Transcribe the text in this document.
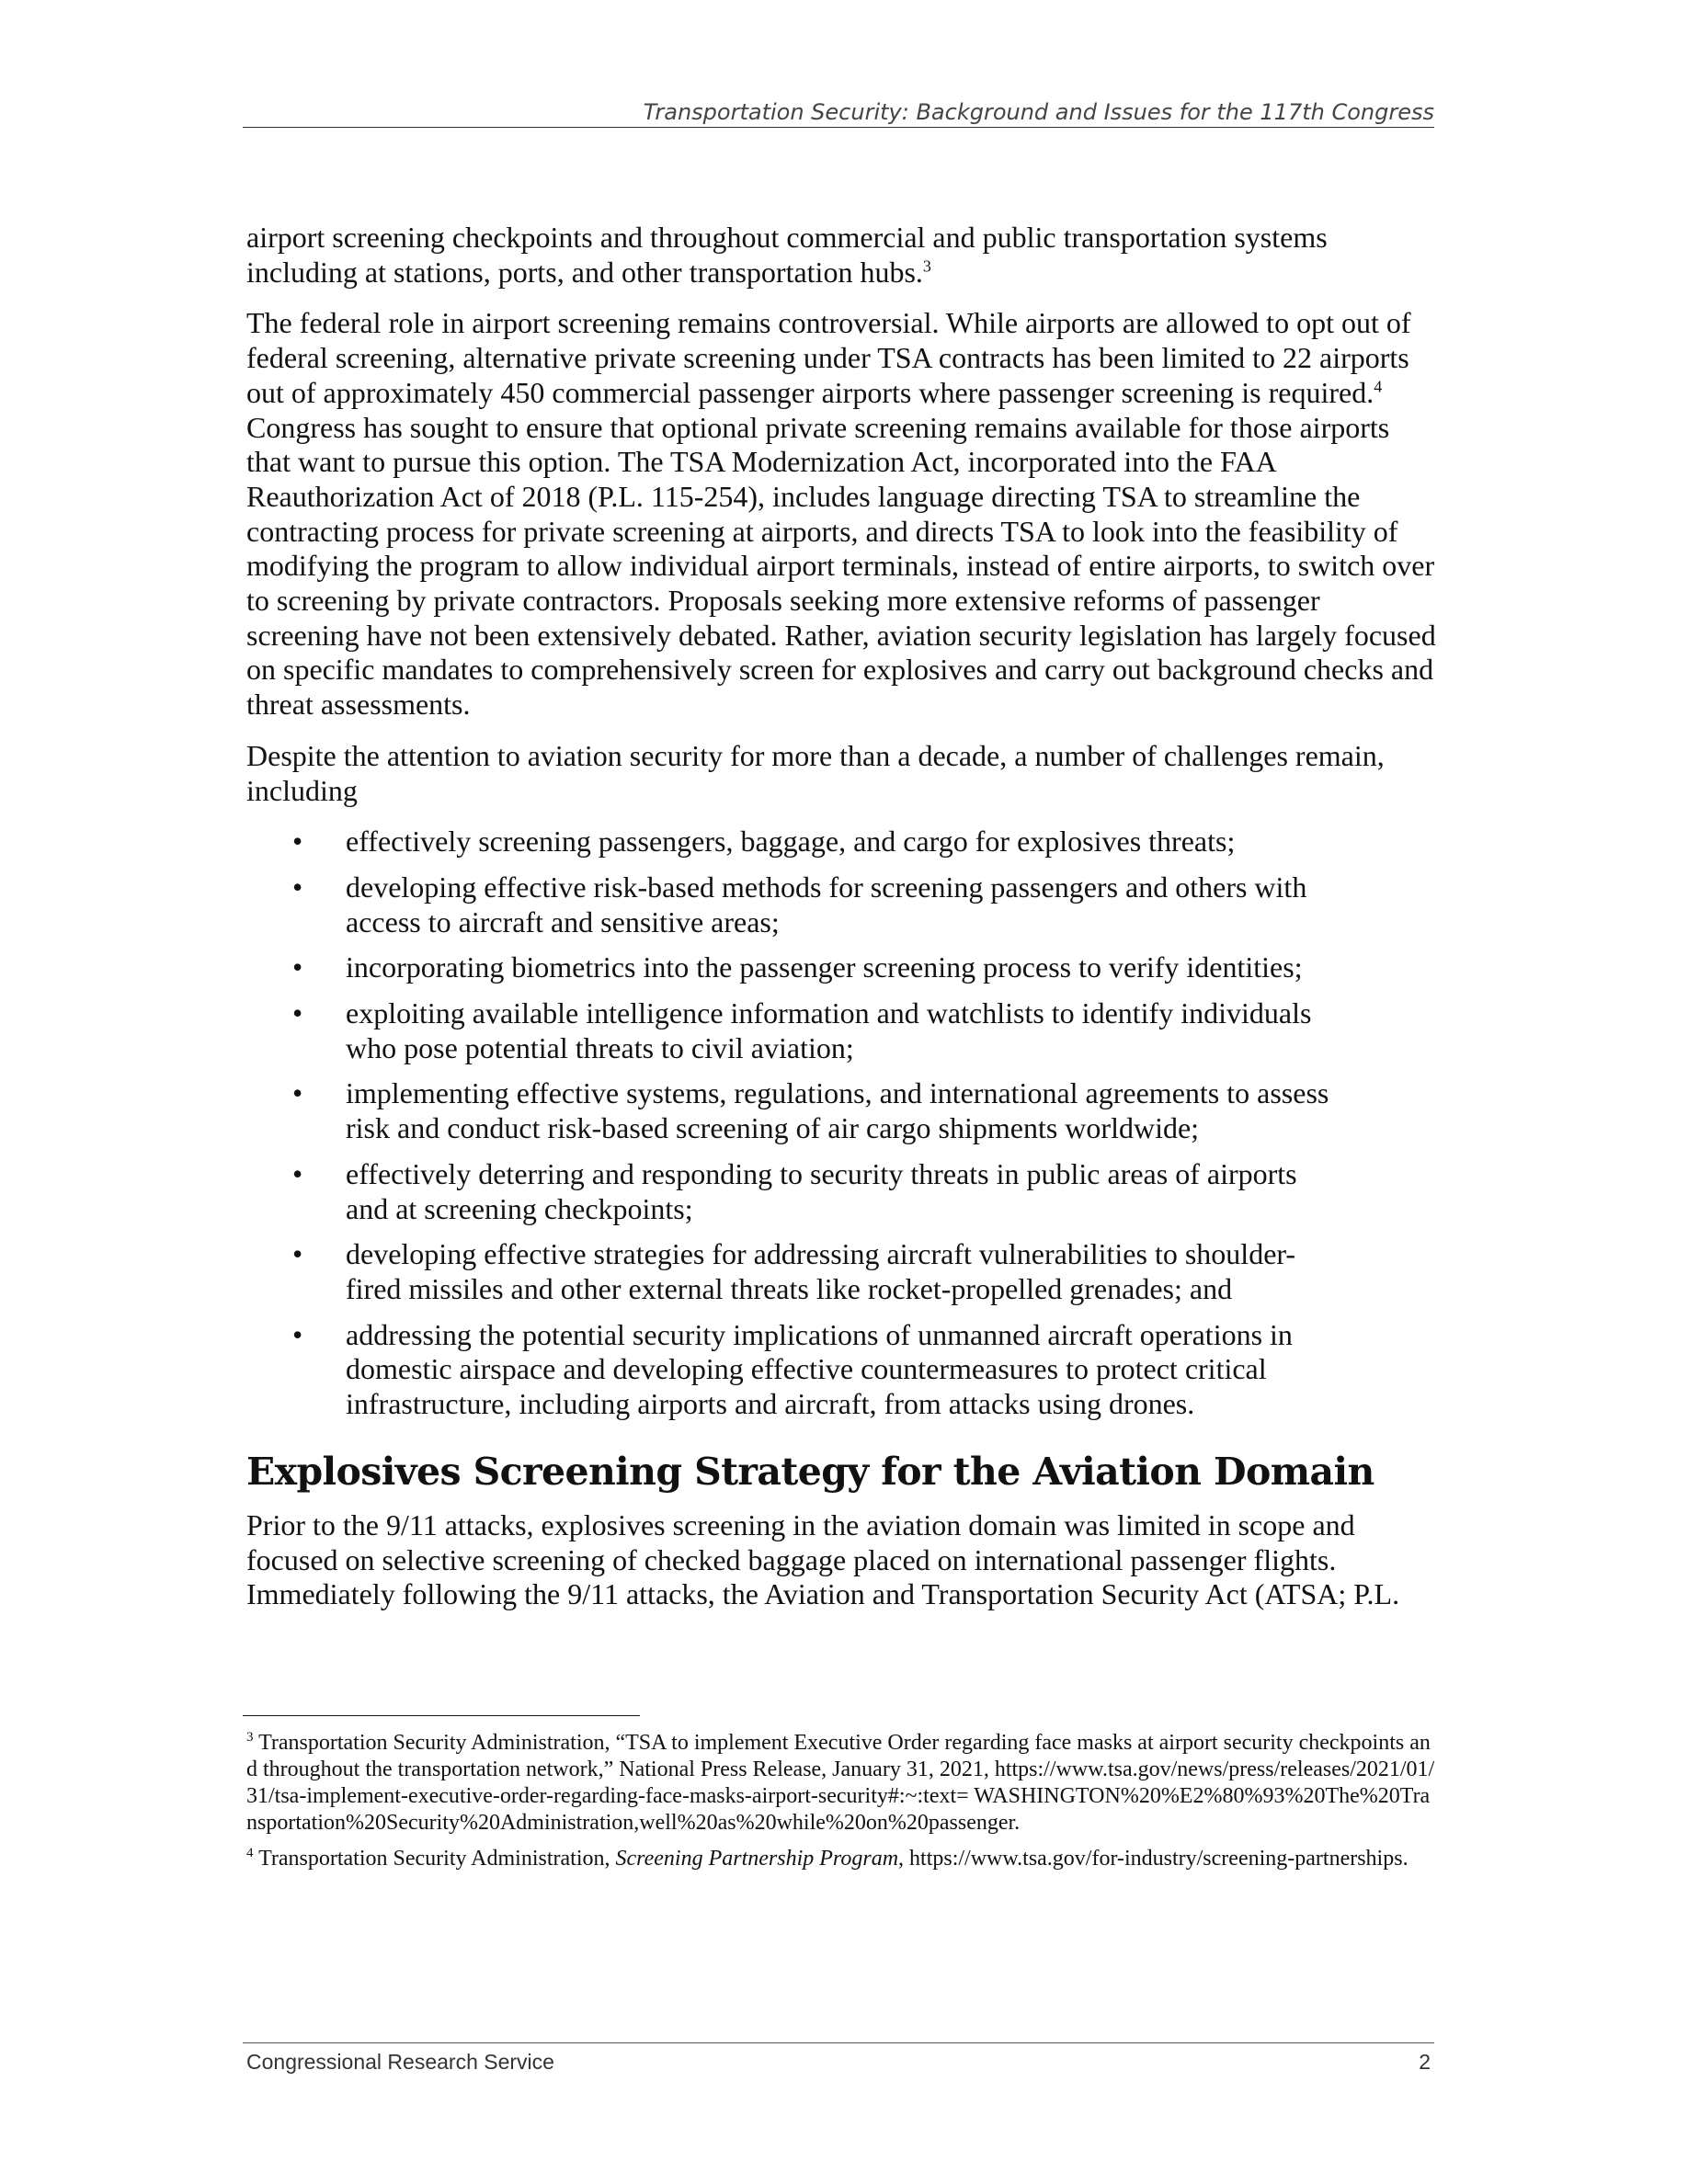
Transportation Security: Background and Issues for the 117th Congress

airport screening checkpoints and throughout commercial and public transportation systems including at stations, ports, and other transportation hubs.$^3$

The federal role in airport screening remains controversial. While airports are allowed to opt out of federal screening, alternative private screening under TSA contracts has been limited to 22 airports out of approximately 450 commercial passenger airports where passenger screening is required.$^4$ Congress has sought to ensure that optional private screening remains available for those airports that want to pursue this option. The TSA Modernization Act, incorporated into the FAA Reauthorization Act of 2018 (P.L. 115-254), includes language directing TSA to streamline the contracting process for private screening at airports, and directs TSA to look into the feasibility of modifying the program to allow individual airport terminals, instead of entire airports, to switch over to screening by private contractors. Proposals seeking more extensive reforms of passenger screening have not been extensively debated. Rather, aviation security legislation has largely focused on specific mandates to comprehensively screen for explosives and carry out background checks and threat assessments.

Despite the attention to aviation security for more than a decade, a number of challenges remain, including

• effectively screening passengers, baggage, and cargo for explosives threats;
• developing effective risk-based methods for screening passengers and others with access to aircraft and sensitive areas;
• incorporating biometrics into the passenger screening process to verify identities;
• exploiting available intelligence information and watchlists to identify individuals who pose potential threats to civil aviation;
• implementing effective systems, regulations, and international agreements to assess risk and conduct risk-based screening of air cargo shipments worldwide;
• effectively deterring and responding to security threats in public areas of airports and at screening checkpoints;
• developing effective strategies for addressing aircraft vulnerabilities to shoulder-fired missiles and other external threats like rocket-propelled grenades; and
• addressing the potential security implications of unmanned aircraft operations in domestic airspace and developing effective countermeasures to protect critical infrastructure, including airports and aircraft, from attacks using drones.
Explosives Screening Strategy for the Aviation Domain

Prior to the 9/11 attacks, explosives screening in the aviation domain was limited in scope and focused on selective screening of checked baggage placed on international passenger flights. Immediately following the 9/11 attacks, the Aviation and Transportation Security Act (ATSA; P.L.

$^3$ Transportation Security Administration, “TSA to implement Executive Order regarding face masks at airport security checkpoints and throughout the transportation network,” National Press Release, January 31, 2021, https://www.tsa.gov/news/press/releases/2021/01/31/tsa-implement-executive-order-regarding-face-masks-airport-security#:~:text= WASHINGTON%20%E2%80%93%20The%20Transportation%20Security%20Administration,well%20as%20while%20on%20passenger.

$^4$ Transportation Security Administration, Screening Partnership Program, https://www.tsa.gov/for-industry/screening-partnerships.

Congressional Research Service	2
